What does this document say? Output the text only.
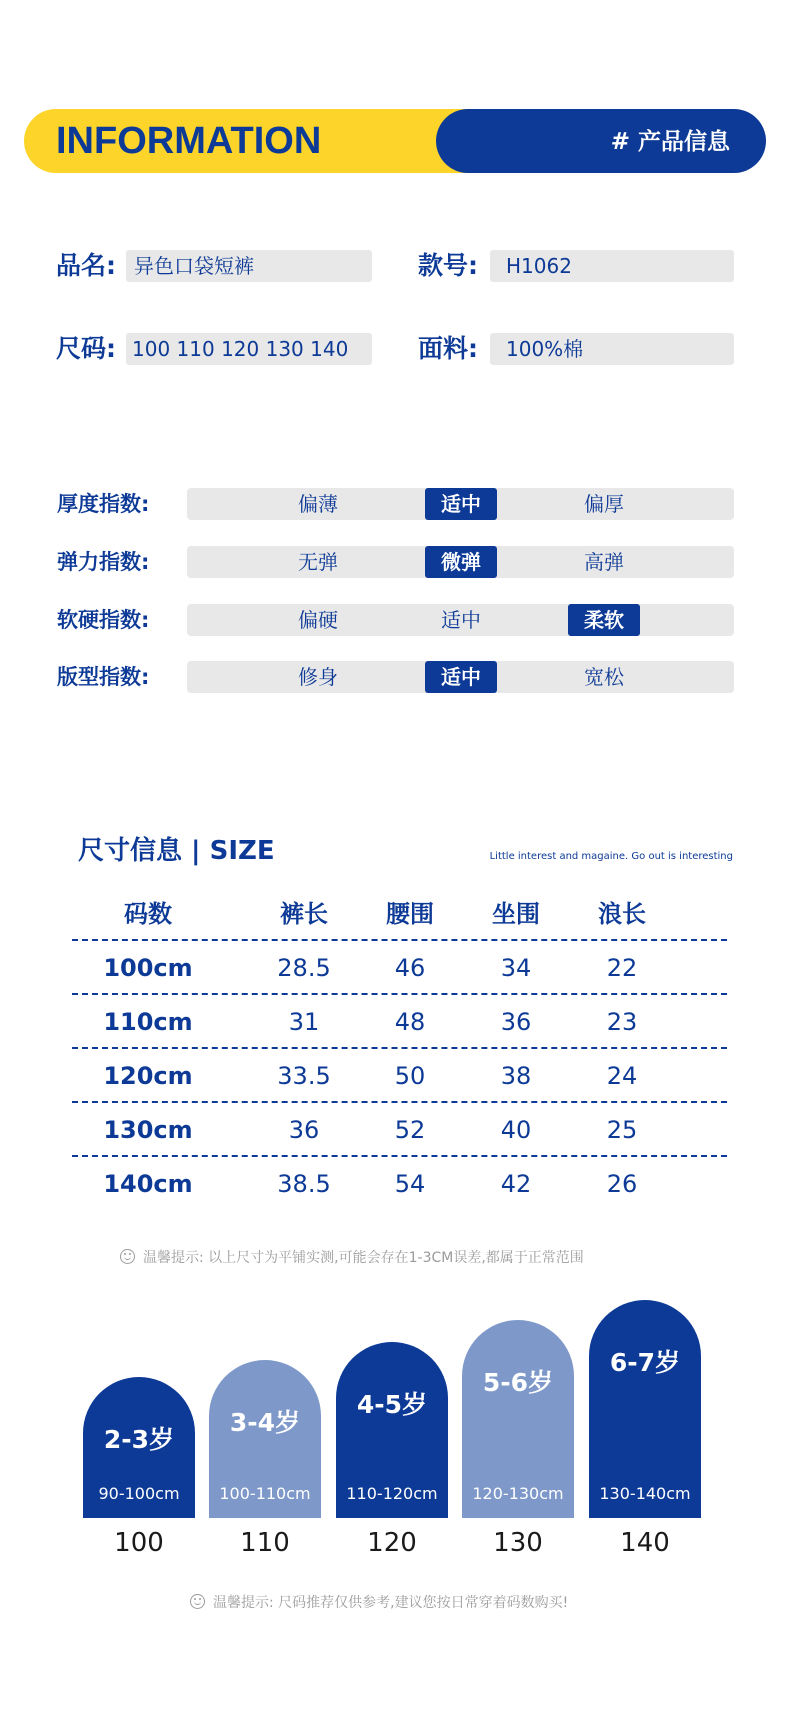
INFORMATION	# 产品信息
品名: 异色口袋短裤	款号:	H1062
尺码: 100 110 120 130 140	面料:	100%棉
厚度指数:	偏薄	适中	偏厚
弹力指数:	无弹	微弹	高弹
软硬指数:	偏硬	适中	柔软
版型指数:	修身	适中	宽松
尺寸信息 | SIZE	Little interest and magaine. Go out is interesting
码数	裤长	腰围	坐围	浪长
100cm	28.5	46	34	22
110cm	31	48	36	23
120cm	33.5	50	38	24
130cm	36	52	40	25
140cm	38.5	54	42	26
温馨提示: 以上尺寸为平铺实测,可能会存在1-3CM误差,都属于正常范围
2-3岁
90-100cm
100
3-4岁
100-110cm
110
4-5岁
110-120cm
120
5-6岁
120-130cm
130
6-7岁
130-140cm
140
温馨提示: 尺码推荐仅供参考,建议您按日常穿着码数购买!
